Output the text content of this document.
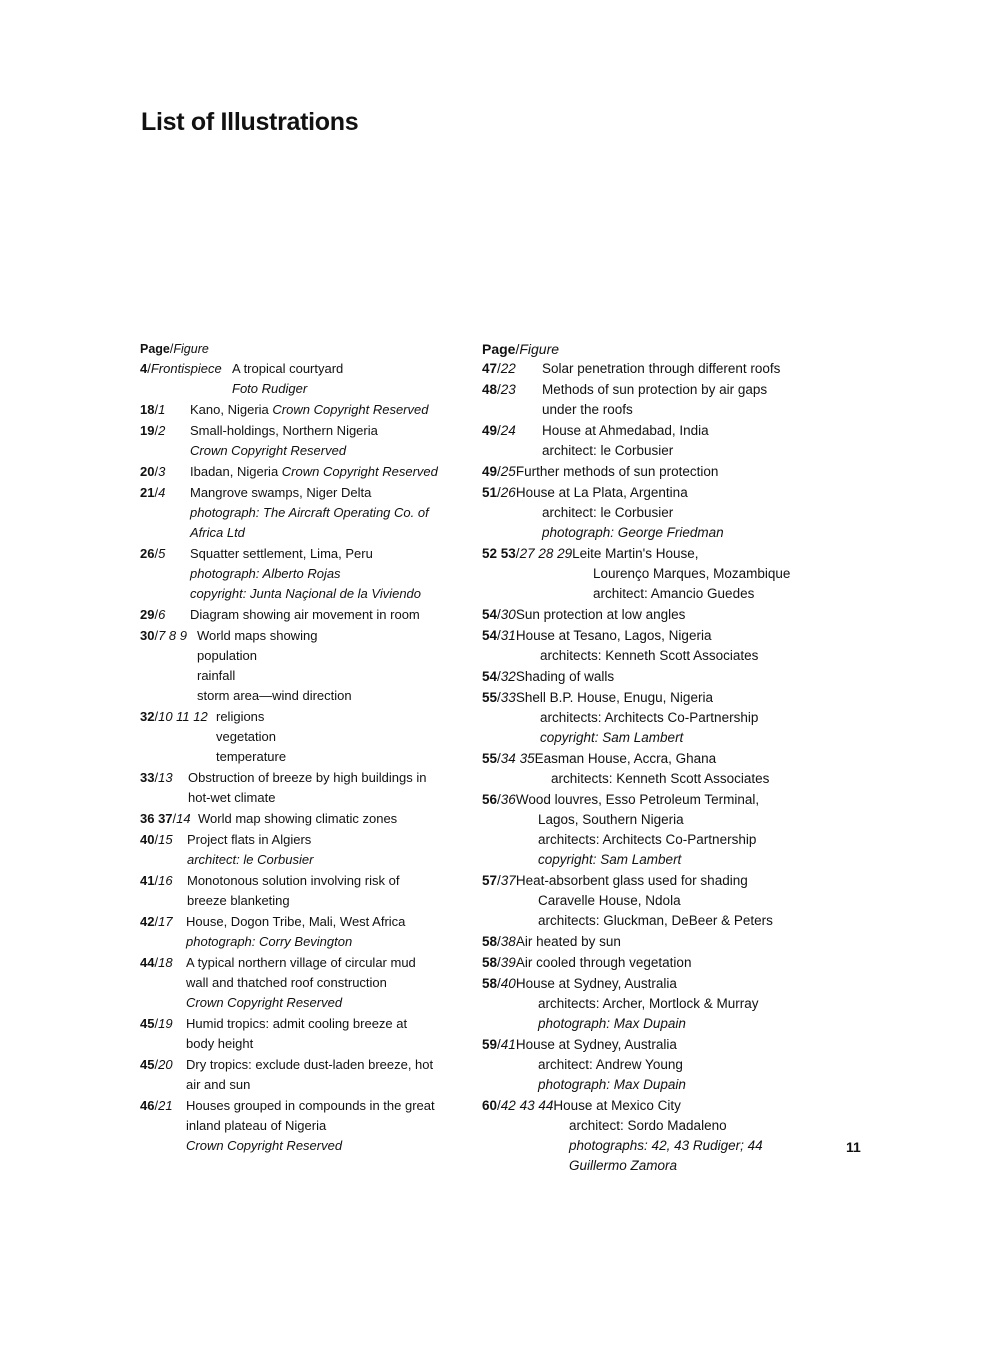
List of Illustrations
Page/Figure
4/Frontispiece A tropical courtyard
Foto Rudiger
18/1 Kano, Nigeria Crown Copyright Reserved
19/2 Small-holdings, Northern Nigeria
Crown Copyright Reserved
20/3 Ibadan, Nigeria Crown Copyright Reserved
21/4 Mangrove swamps, Niger Delta
photograph: The Aircraft Operating Co. of
Africa Ltd
26/5 Squatter settlement, Lima, Peru
photograph: Alberto Rojas
copyright: Junta Naçional de la Viviendo
29/6 Diagram showing air movement in room
30/7 8 9 World maps showing
population
rainfall
storm area—wind direction
32/10 11 12 religions
vegetation
temperature
33/13 Obstruction of breeze by high buildings in
hot-wet climate
36 37/14 World map showing climatic zones
40/15 Project flats in Algiers
architect: le Corbusier
41/16 Monotonous solution involving risk of
breeze blanketing
42/17 House, Dogon Tribe, Mali, West Africa
photograph: Corry Bevington
44/18 A typical northern village of circular mud
wall and thatched roof construction
Crown Copyright Reserved
45/19 Humid tropics: admit cooling breeze at
body height
45/20 Dry tropics: exclude dust-laden breeze, hot
air and sun
46/21 Houses grouped in compounds in the great
inland plateau of Nigeria
Crown Copyright Reserved
Page/Figure
47/22 Solar penetration through different roofs
48/23 Methods of sun protection by air gaps
under the roofs
49/24 House at Ahmedabad, India
architect: le Corbusier
49/25Further methods of sun protection
51/26House at La Plata, Argentina
architect: le Corbusier
photograph: George Friedman
52 53/27 28 29Leite Martin's House,
Lourenço Marques, Mozambique
architect: Amancio Guedes
54/30Sun protection at low angles
54/31House at Tesano, Lagos, Nigeria
architects: Kenneth Scott Associates
54/32Shading of walls
55/33Shell B.P. House, Enugu, Nigeria
architects: Architects Co-Partnership
copyright: Sam Lambert
55/34 35Easman House, Accra, Ghana
architects: Kenneth Scott Associates
56/36Wood louvres, Esso Petroleum Terminal,
Lagos, Southern Nigeria
architects: Architects Co-Partnership
copyright: Sam Lambert
57/37Heat-absorbent glass used for shading
Caravelle House, Ndola
architects: Gluckman, DeBeer & Peters
58/38Air heated by sun
58/39Air cooled through vegetation
58/40House at Sydney, Australia
architects: Archer, Mortlock & Murray
photograph: Max Dupain
59/41House at Sydney, Australia
architect: Andrew Young
photograph: Max Dupain
60/42 43 44House at Mexico City
architect: Sordo Madaleno
photographs: 42, 43 Rudiger; 44
Guillermo Zamora
11
